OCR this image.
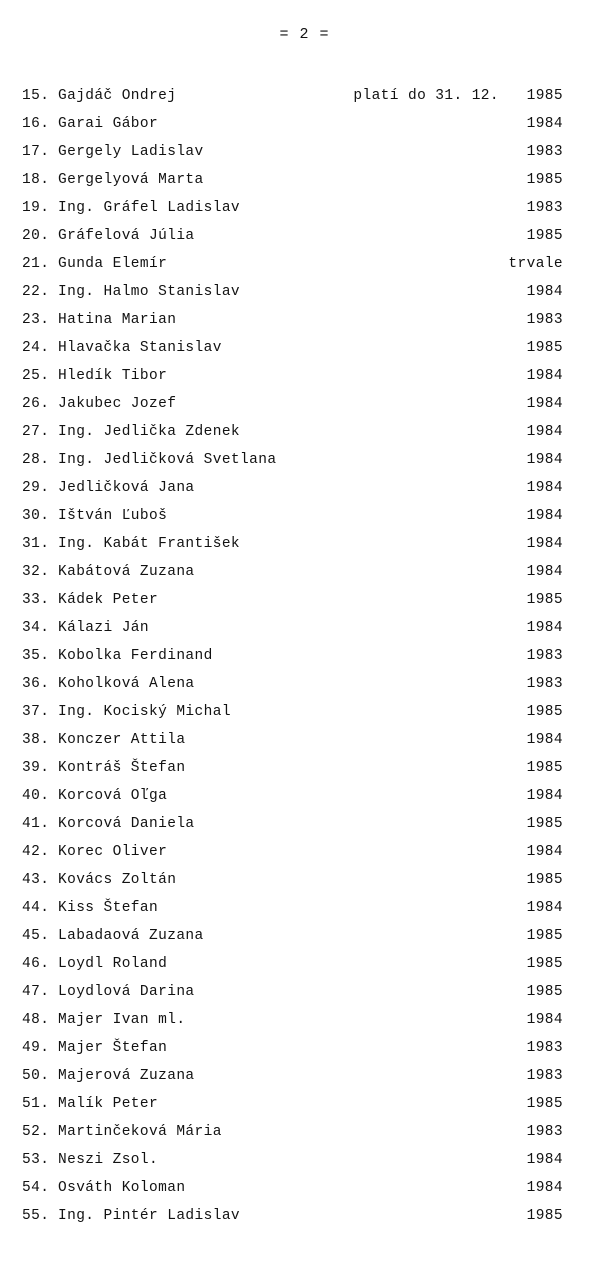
= 2 =
15. Gajdáč Ondrej	platí do 31. 12.	1985
16. Garai Gábor	1984
17. Gergely Ladislav	1983
18. Gergelyová Marta	1985
19. Ing. Gráfel Ladislav	1983
20. Gráfelová Júlia	1985
21. Gunda Elemír	trvale
22. Ing. Halmo Stanislav	1984
23. Hatina Marian	1983
24. Hlavačka Stanislav	1985
25. Hledík Tibor	1984
26. Jakubec Jozef	1984
27. Ing. Jedlička Zdenek	1984
28. Ing. Jedličková Svetlana	1984
29. Jedličková Jana	1984
30. Ištván Ľuboš	1984
31. Ing. Kabát František	1984
32. Kabátová Zuzana	1984
33. Kádek Peter	1985
34. Kálazi Ján	1984
35. Kobolka Ferdinand	1983
36. Koholková Alena	1983
37. Ing. Kociský Michal	1985
38. Konczer Attila	1984
39. Kontráš Štefan	1985
40. Korcová Oľga	1984
41. Korcová Daniela	1985
42. Korec Oliver	1984
43. Kovács Zoltán	1985
44. Kiss Štefan	1984
45. Labadaová Zuzana	1985
46. Loydl Roland	1985
47. Loydlová Darina	1985
48. Majer Ivan ml.	1984
49. Majer Štefan	1983
50. Majerová Zuzana	1983
51. Malík Peter	1985
52. Martinčeková Mária	1983
53. Neszi Zsol.	1984
54. Osváth Koloman	1984
55. Ing. Pintér Ladislav	1985
